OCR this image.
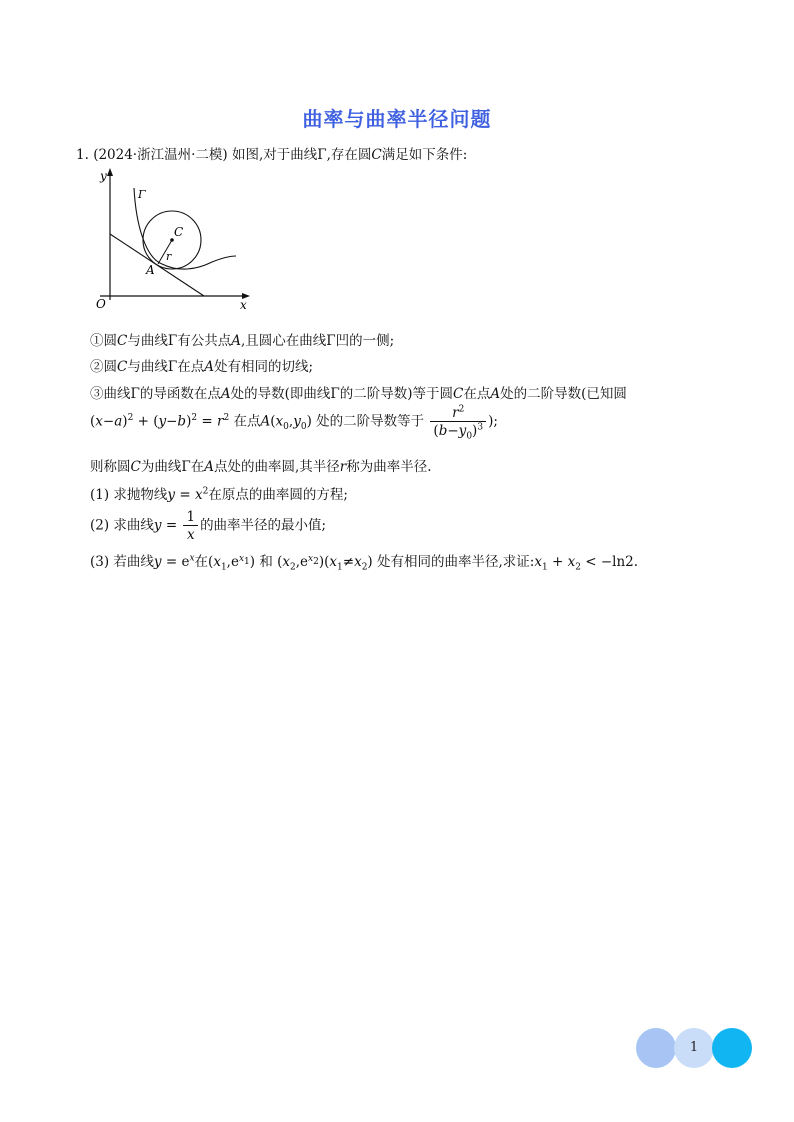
曲率与曲率半径问题
1. (2024·浙江温州·二模) 如图,对于曲线Γ,存在圆C满足如下条件:
y
x
O
Γ
C
r
A
①圆C与曲线Γ有公共点A,且圆心在曲线Γ凹的一侧;
②圆C与曲线Γ在点A处有相同的切线;
③曲线Γ的导函数在点A处的导数(即曲线Γ的二阶导数)等于圆C在点A处的二阶导数(已知圆
$(x-a)^2 + (y-b)^2 = r^2$ 在点$A(x_0,y_0)$ 处的二阶导数等于 $\frac{r^2}{(b-y_0)^3}$ );
则称圆C为曲线Γ在A点处的曲率圆,其半径r称为曲率半径.
(1) 求抛物线$y = x^2$在原点的曲率圆的方程;
(2) 求曲线$y = \frac{1}{x}$ 的曲率半径的最小值;
(3) 若曲线$y = e^x$在$(x_1,e^{x_1})$ 和 $(x_2,e^{x_2})(x_1\ne x_2)$ 处有相同的曲率半径,求证$:x_1 + x_2 < -\ln 2$.
1
